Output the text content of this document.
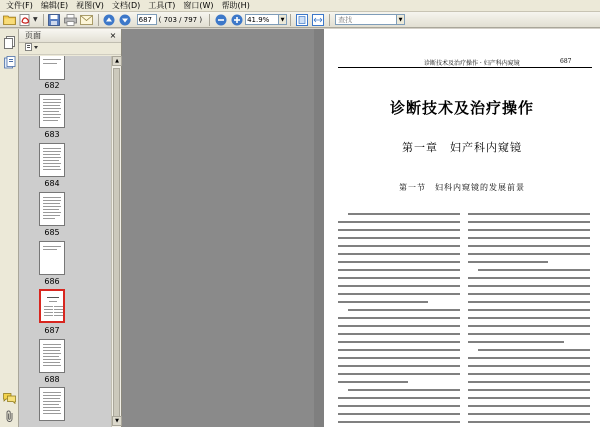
文件(F)	编辑(E)	视图(V)	文档(D)	工具(T)	窗口(W)	帮助(H)
▼
687	( 703 / 797 )
41.9%	▼
查找	▼
页面	×
682
683
684
685
686
687
688
▲
▼
诊断技术及治疗操作 · 妇产科内窥镜	687
诊断技术及治疗操作
第一章　妇产科内窥镜
第一节　妇科内窥镜的发展前景
